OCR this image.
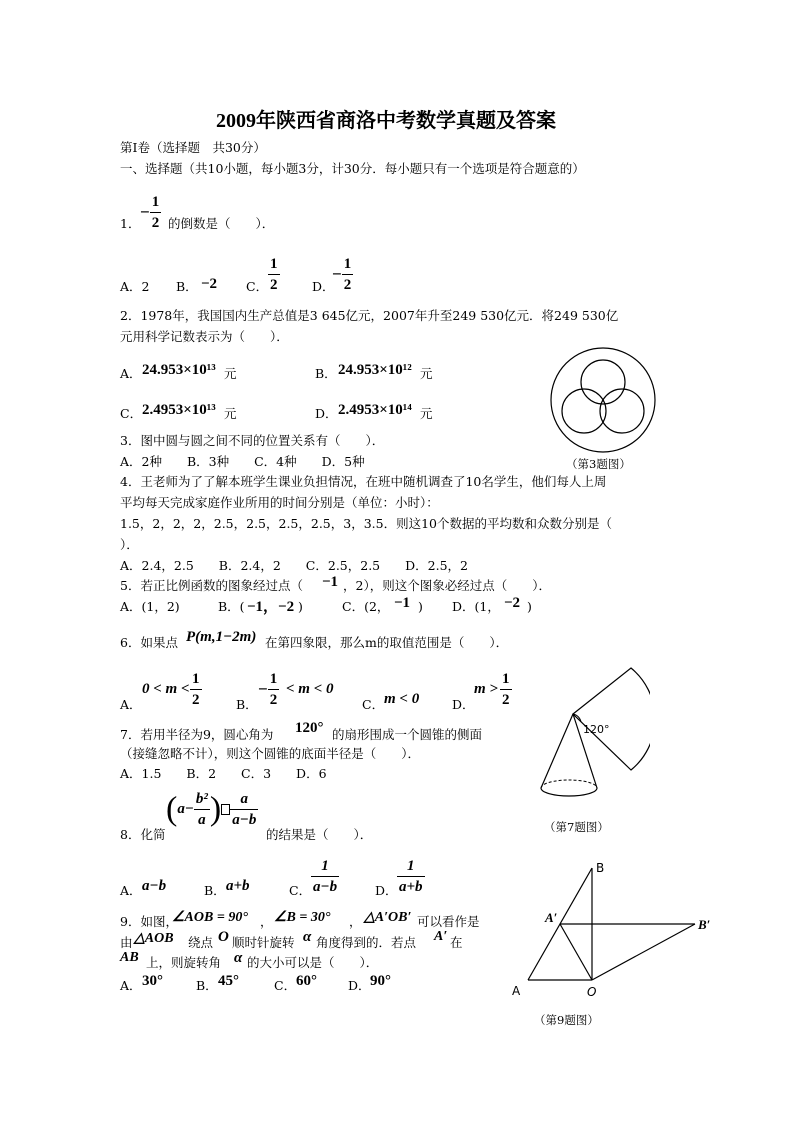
2009年陕西省商洛中考数学真题及答案
第Ⅰ卷（选择题　共30分）
一、选择题（共10小题，每小题3分，计30分．每小题只有一个选项是符合题意的）
− $\frac{1}{2}$
1． 的倒数是（　　）．
A．2 B． −2 C． $\frac{1}{2}$	D．
− $\frac{1}{2}$
2．1978年，我国国内生产总值是3 645亿元，2007年升至249 530亿元．将249 530亿
元用科学记数表示为（　　）．
A． 24.953×10¹³ 元	B． 24.953×10¹² 元
C． 2.4953×10¹³ 元	D． 2.4953×10¹⁴ 元
3．图中圆与圆之间不同的位置关系有（　　）．
A．2种　　B．3种　　C．4种　　D．5种	（第3题图）
4．王老师为了了解本班学生课业负担情况，在班中随机调查了10名学生，他们每人上周
平均每天完成家庭作业所用的时间分别是（单位：小时）：
1.5，2，2，2，2.5，2.5，2.5，2.5，3，3.5．则这10个数据的平均数和众数分别是（
）．
A．2.4，2.5　　B．2.4，2　　C．2.5，2.5　　D．2.5，2
5．若正比例函数的图象经过点（ −1 ，2），则这个图象必经过点（　　）．
A．(1，2)	B．( −1，−2 )	C．(2， −1 ) D．(1， −2 )
6．如果点 P(m,1−2m) 在第四象限，那么m的取值范围是（　　）．
A．
$0 < m < \frac{1}{2}$	B．
− $\frac{1}{2} < m < 0$
C． m < 0	D．
$m > \frac{1}{2}$
120°
7．若用半径为9，圆心角为 120° 的扇形围成一个圆锥的侧面
（接缝忽略不计），则这个圆锥的底面半径是（　　）．
A．1.5　　B．2　　C．3　　D．6
（第7题图）
8．化简
($a- \frac{\text{b²}}{a}$ ) $\frac{a}{a-b}$
的结果是（　　）．
A． a−b	B． a+b	C． $\frac{1}{a-b}$	D． $\frac{1}{a+b}$
9．如图，
∠AOB = 90° ， ∠B = 30° ， △A′OB′ 可以看作是
由 △AOB 绕点 O 顺时针旋转 α 角度得到的．若点 A′ 在
AB 上，则旋转角 α 的大小可以是（　　）．
A． 30°	B． 45°	C． 60° D． 90°
B
A′	B′
A	O
（第9题图）
